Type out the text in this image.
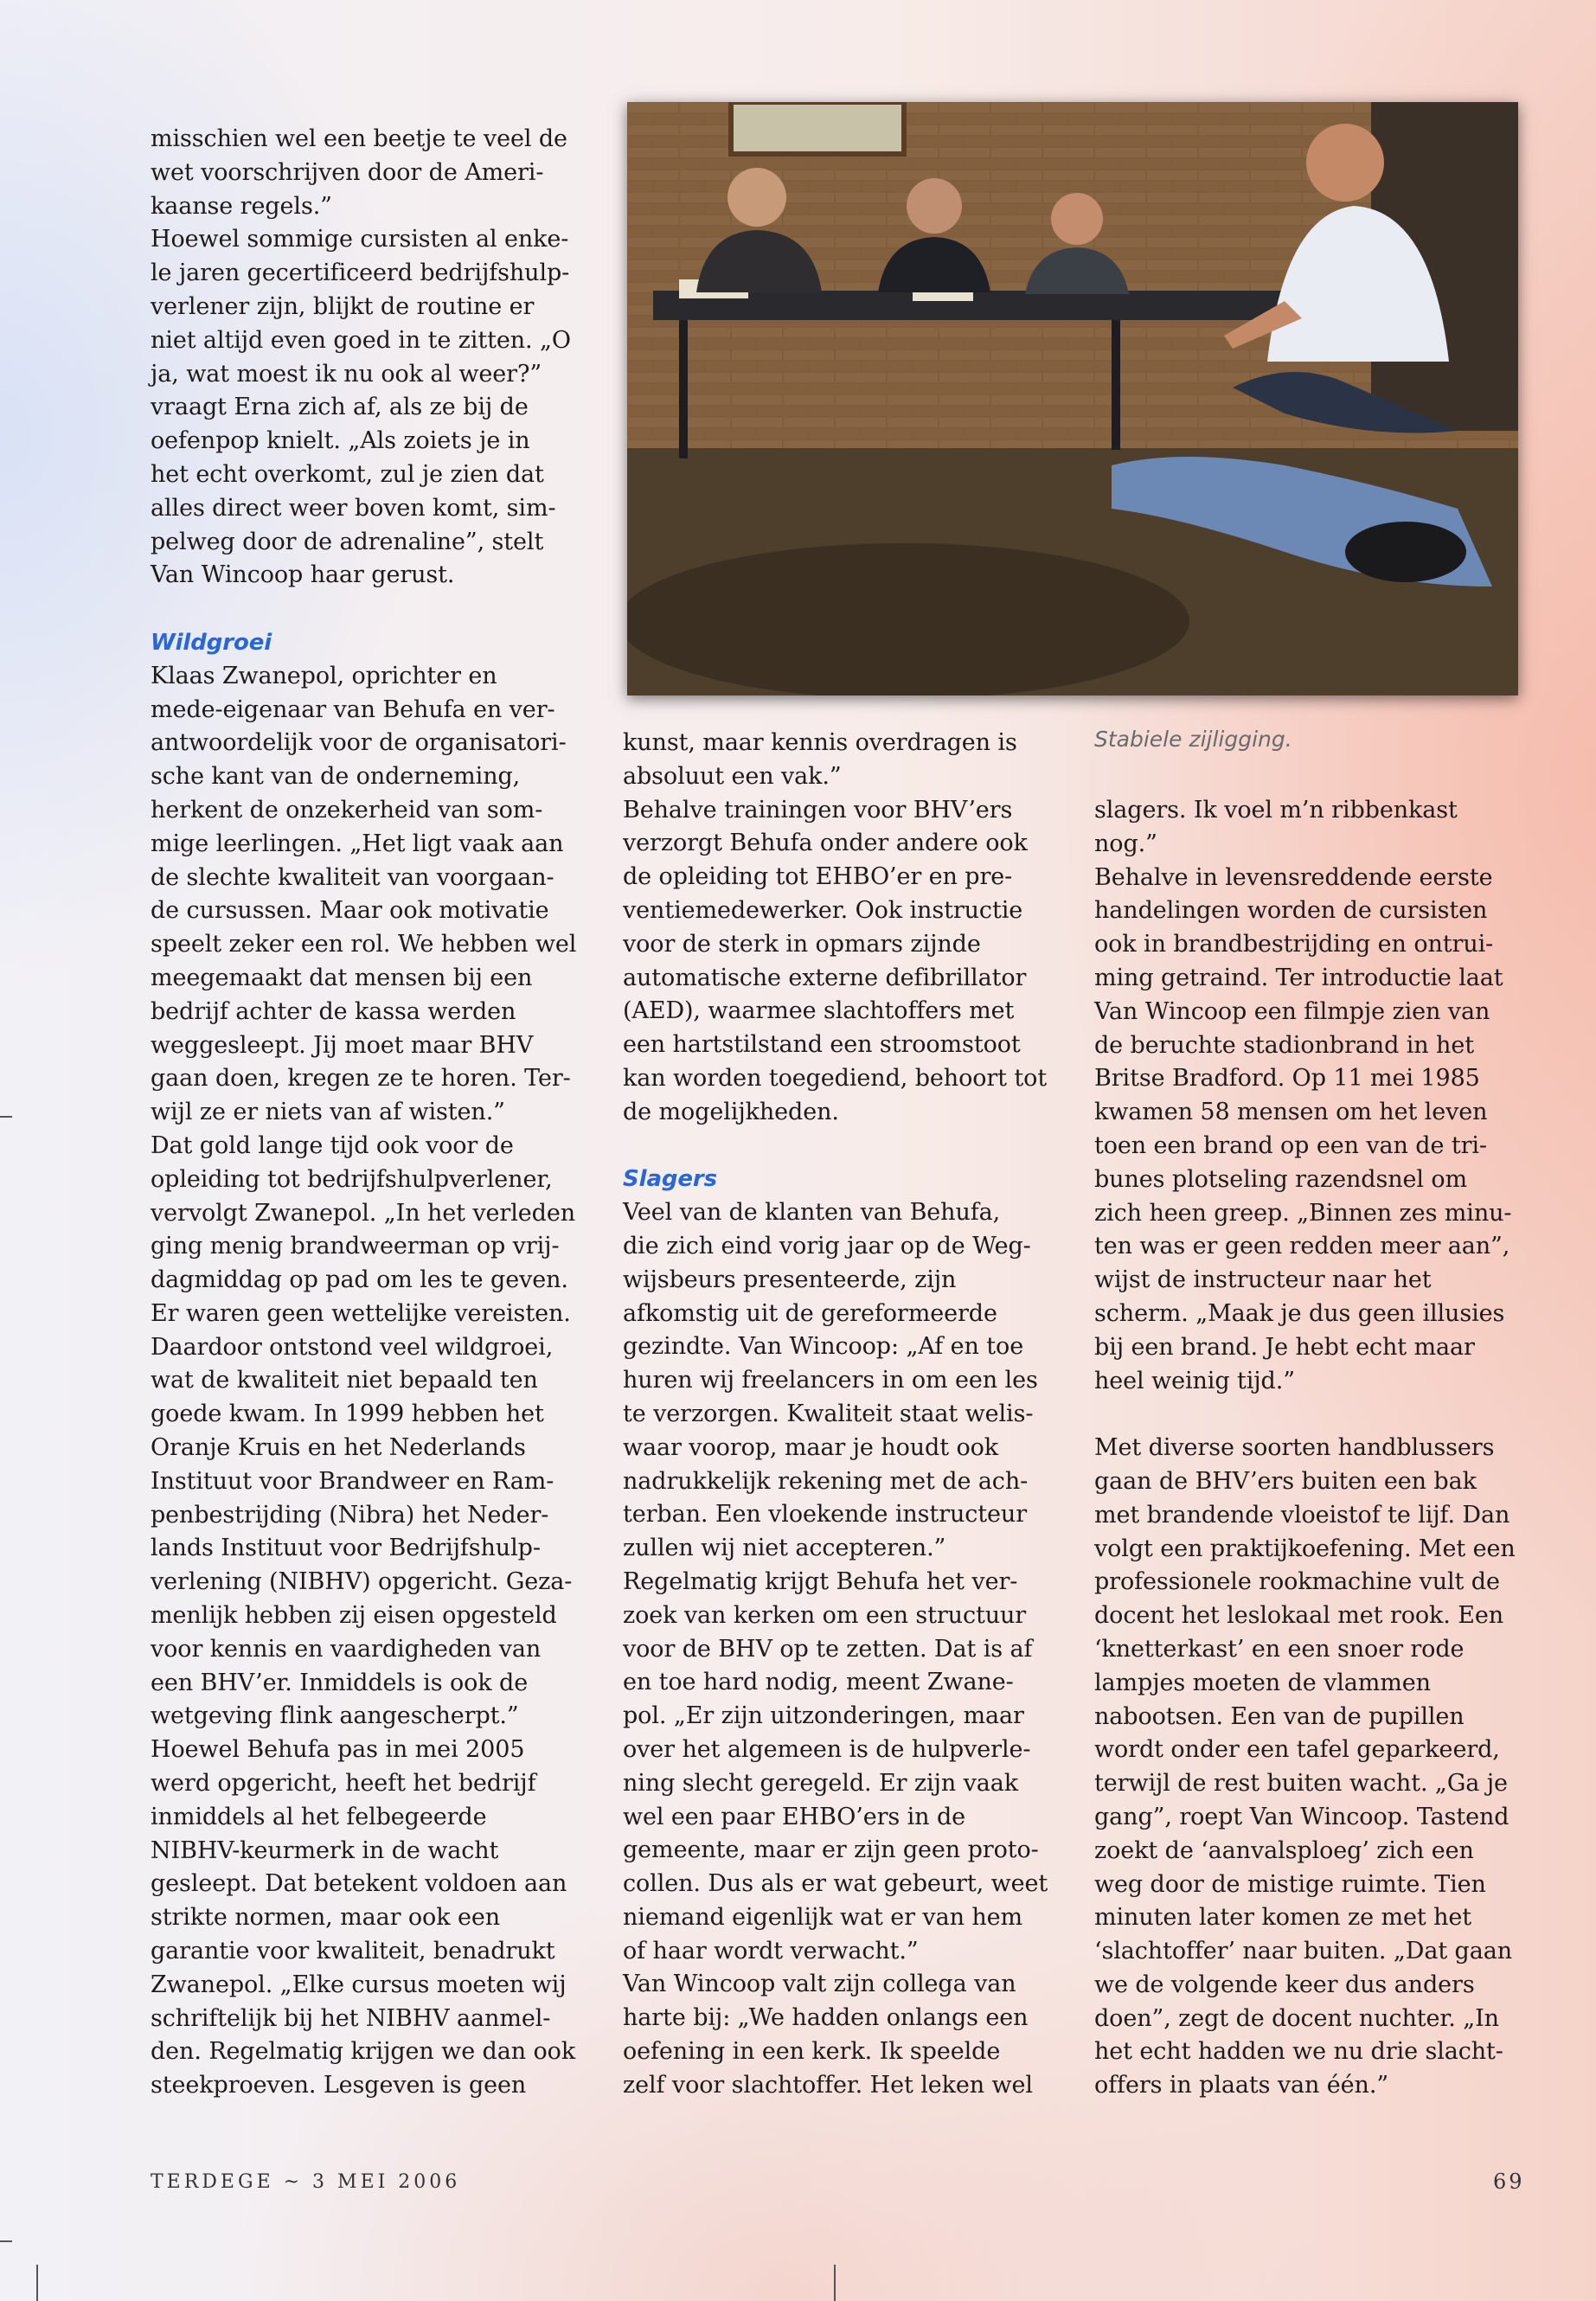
misschien wel een beetje te veel de
wet voorschrijven door de Ameri-
kaanse regels.”

Hoewel sommige cursisten al enke-
le jaren gecertificeerd bedrijfshulp-
verlener zijn, blijkt de routine er
niet altijd even goed in te zitten. „O
ja, wat moest ik nu ook al weer?”
vraagt Erna zich af, als ze bij de
oefenpop knielt. „Als zoiets je in
het echt overkomt, zul je zien dat
alles direct weer boven komt, sim-
pelweg door de adrenaline”, stelt
Van Wincoop haar gerust.

Wildgroei

Klaas Zwanepol, oprichter en
mede-eigenaar van Behufa en ver-
antwoordelijk voor de organisatori-
sche kant van de onderneming,
herkent de onzekerheid van som-
mige leerlingen. „Het ligt vaak aan
de slechte kwaliteit van voorgaan-
de cursussen. Maar ook motivatie
speelt zeker een rol. We hebben wel
meegemaakt dat mensen bij een
bedrijf achter de kassa werden
weggesleept. Jij moet maar BHV
gaan doen, kregen ze te horen. Ter-
wijl ze er niets van af wisten.”

Dat gold lange tijd ook voor de
opleiding tot bedrijfshulpverlener,
vervolgt Zwanepol. „In het verleden
ging menig brandweerman op vrij-
dagmiddag op pad om les te geven.
Er waren geen wettelijke vereisten.
Daardoor ontstond veel wildgroei,
wat de kwaliteit niet bepaald ten
goede kwam. In 1999 hebben het
Oranje Kruis en het Nederlands
Instituut voor Brandweer en Ram-
penbestrijding (Nibra) het Neder-
lands Instituut voor Bedrijfshulp-
verlening (NIBHV) opgericht. Geza-
menlijk hebben zij eisen opgesteld
voor kennis en vaardigheden van
een BHV’er. Inmiddels is ook de
wetgeving flink aangescherpt.”

Hoewel Behufa pas in mei 2005
werd opgericht, heeft het bedrijf
inmiddels al het felbegeerde
NIBHV-keurmerk in de wacht
gesleept. Dat betekent voldoen aan
strikte normen, maar ook een
garantie voor kwaliteit, benadrukt
Zwanepol. „Elke cursus moeten wij
schriftelijk bij het NIBHV aanmel-
den. Regelmatig krijgen we dan ook
steekproeven. Lesgeven is geen

Stabiele zijligging.

kunst, maar kennis overdragen is
absoluut een vak.”

Behalve trainingen voor BHV’ers
verzorgt Behufa onder andere ook
de opleiding tot EHBO’er en pre-
ventiemedewerker. Ook instructie
voor de sterk in opmars zijnde
automatische externe defibrillator
(AED), waarmee slachtoffers met
een hartstilstand een stroomstoot
kan worden toegediend, behoort tot
de mogelijkheden.

Slagers

Veel van de klanten van Behufa,
die zich eind vorig jaar op de Weg-
wijsbeurs presenteerde, zijn
afkomstig uit de gereformeerde
gezindte. Van Wincoop: „Af en toe
huren wij freelancers in om een les
te verzorgen. Kwaliteit staat welis-
waar voorop, maar je houdt ook
nadrukkelijk rekening met de ach-
terban. Een vloekende instructeur
zullen wij niet accepteren.”

Regelmatig krijgt Behufa het ver-
zoek van kerken om een structuur
voor de BHV op te zetten. Dat is af
en toe hard nodig, meent Zwane-
pol. „Er zijn uitzonderingen, maar
over het algemeen is de hulpverle-
ning slecht geregeld. Er zijn vaak
wel een paar EHBO’ers in de
gemeente, maar er zijn geen proto-
collen. Dus als er wat gebeurt, weet
niemand eigenlijk wat er van hem
of haar wordt verwacht.”

Van Wincoop valt zijn collega van
harte bij: „We hadden onlangs een
oefening in een kerk. Ik speelde
zelf voor slachtoffer. Het leken wel

slagers. Ik voel m’n ribbenkast
nog.”

Behalve in levensreddende eerste
handelingen worden de cursisten
ook in brandbestrijding en ontrui-
ming getraind. Ter introductie laat
Van Wincoop een filmpje zien van
de beruchte stadionbrand in het
Britse Bradford. Op 11 mei 1985
kwamen 58 mensen om het leven
toen een brand op een van de tri-
bunes plotseling razendsnel om
zich heen greep. „Binnen zes minu-
ten was er geen redden meer aan”,
wijst de instructeur naar het
scherm. „Maak je dus geen illusies
bij een brand. Je hebt echt maar
heel weinig tijd.”

Met diverse soorten handblussers
gaan de BHV’ers buiten een bak
met brandende vloeistof te lijf. Dan
volgt een praktijkoefening. Met een
professionele rookmachine vult de
docent het leslokaal met rook. Een
‘knetterkast’ en een snoer rode
lampjes moeten de vlammen
nabootsen. Een van de pupillen
wordt onder een tafel geparkeerd,
terwijl de rest buiten wacht. „Ga je
gang”, roept Van Wincoop. Tastend
zoekt de ‘aanvalsploeg’ zich een
weg door de mistige ruimte. Tien
minuten later komen ze met het
‘slachtoffer’ naar buiten. „Dat gaan
we de volgende keer dus anders
doen”, zegt de docent nuchter. „In
het echt hadden we nu drie slacht-
offers in plaats van één.”

TERDEGE ~ 3 MEI 2006	69
